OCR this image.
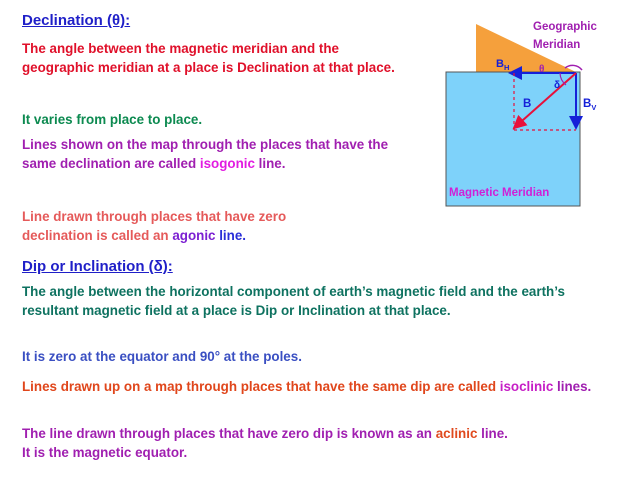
Declination (θ):
The angle between the magnetic meridian and the geographic meridian at a place is Declination at that place.
It varies from place to place.
Lines shown on the map through the places that have the same declination are called isogonic line.
Line drawn through places that have zero declination is called an agonic line.
Geographic
Meridian
$B_H$	θ
δ
B	$B_V$
Magnetic Meridian
Dip or Inclination (δ):
The angle between the horizontal component of earth’s magnetic field and the earth’s resultant magnetic field at a place is Dip or Inclination at that place.
It is zero at the equator and 90° at the poles.
Lines drawn up on a map through places that have the same dip are called isoclinic lines.
The line drawn through places that have zero dip is known as an aclinic line.
It is the magnetic equator.
